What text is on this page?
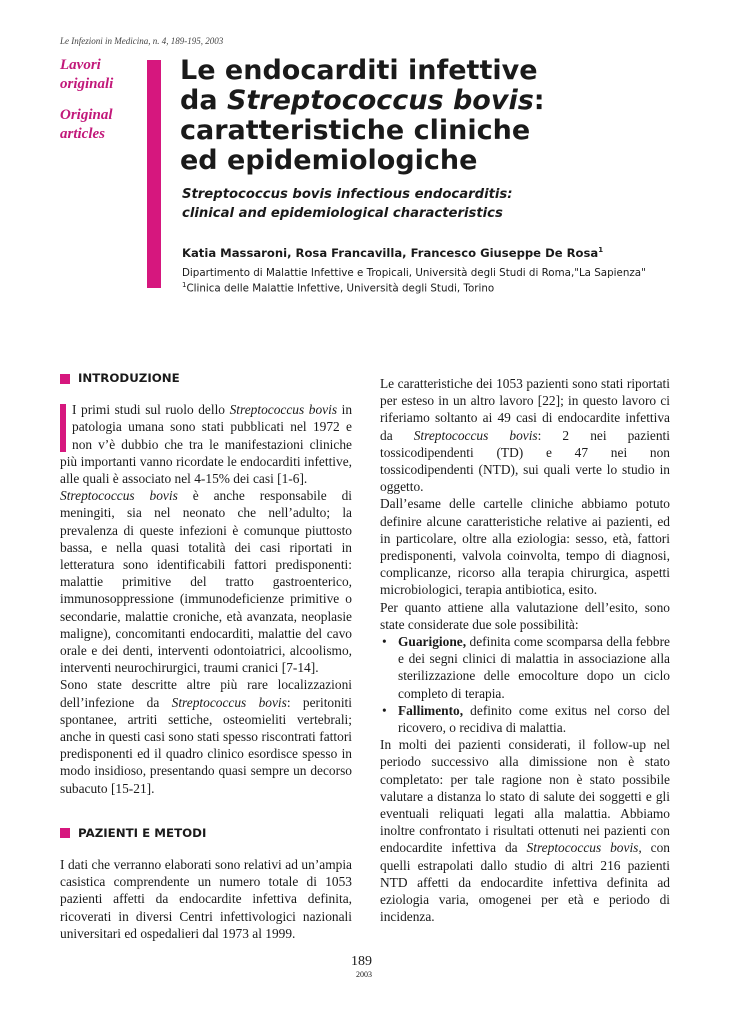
Le Infezioni in Medicina, n. 4, 189-195, 2003
Lavori
originali
Original
articles
Le endocarditi infettive
da Streptococcus bovis:
caratteristiche cliniche
ed epidemiologiche
Streptococcus bovis infectious endocarditis:
clinical and epidemiological characteristics
Katia Massaroni, Rosa Francavilla, Francesco Giuseppe De Rosa$^1$
Dipartimento di Malattie Infettive e Tropicali, Università degli Studi di Roma,"La Sapienza"
$^1$Clinica delle Malattie Infettive, Università degli Studi, Torino
INTRODUZIONE

I primi studi sul ruolo dello Streptococcus bovis in patologia umana sono stati pubblicati nel 1972 e non v’è dubbio che tra le manifestazioni cliniche più importanti vanno ricordate le endocarditi infettive, alle quali è associato nel 4-15% dei casi [1-6].

Streptococcus bovis è anche responsabile di meningiti, sia nel neonato che nell’adulto; la prevalenza di queste infezioni è comunque piuttosto bassa, e nella quasi totalità dei casi riportati in letteratura sono identificabili fattori predisponenti: malattie primitive del tratto gastroenterico, immunosoppressione (immunodeficienze primitive o secondarie, malattie croniche, età avanzata, neoplasie maligne), concomitanti endocarditi, malattie del cavo orale e dei denti, interventi odontoiatrici, alcoolismo, interventi neurochirurgici, traumi cranici [7-14].

Sono state descritte altre più rare localizzazioni dell’infezione da Streptococcus bovis: peritoniti spontanee, artriti settiche, osteomieliti vertebrali; anche in questi casi sono stati spesso riscontrati fattori predisponenti ed il quadro clinico esordisce spesso in modo insidioso, presentando quasi sempre un decorso subacuto [15-21].

PAZIENTI E METODI

I dati che verranno elaborati sono relativi ad un’ampia casistica comprendente un numero totale di 1053 pazienti affetti da endocardite infettiva definita, ricoverati in diversi Centri infettivologici nazionali universitari ed ospedalieri dal 1973 al 1999.

Le caratteristiche dei 1053 pazienti sono stati riportati per esteso in un altro lavoro [22]; in questo lavoro ci riferiamo soltanto ai 49 casi di endocardite infettiva da Streptococcus bovis: 2 nei pazienti tossicodipendenti (TD) e 47 nei non tossicodipendenti (NTD), sui quali verte lo studio in oggetto.

Dall’esame delle cartelle cliniche abbiamo potuto definire alcune caratteristiche relative ai pazienti, ed in particolare, oltre alla eziologia: sesso, età, fattori predisponenti, valvola coinvolta, tempo di diagnosi, complicanze, ricorso alla terapia chirurgica, aspetti microbiologici, terapia antibiotica, esito.

Per quanto attiene alla valutazione dell’esito, sono state considerate due sole possibilità:

• Guarigione, definita come scomparsa della febbre e dei segni clinici di malattia in associazione alla sterilizzazione delle emocolture dopo un ciclo completo di terapia.
• Fallimento, definito come exitus nel corso del ricovero, o recidiva di malattia.

In molti dei pazienti considerati, il follow-up nel periodo successivo alla dimissione non è stato completato: per tale ragione non è stato possibile valutare a distanza lo stato di salute dei soggetti e gli eventuali reliquati legati alla malattia. Abbiamo inoltre confrontato i risultati ottenuti nei pazienti con endocardite infettiva da Streptococcus bovis, con quelli estrapolati dallo studio di altri 216 pazienti NTD affetti da endocardite infettiva definita ad eziologia varia, omogenei per età e periodo di incidenza.

189
2003
